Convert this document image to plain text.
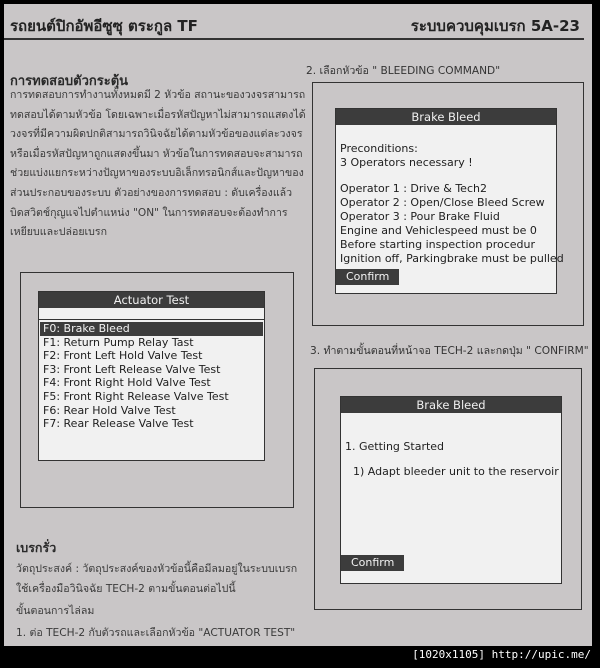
รถยนต์ปิกอัพอีซูซุ ตระกูล TF	ระบบควบคุมเบรก 5A-23
การทดสอบตัวกระตุ้น
การทดสอบการทำงานทั้งหมดมี 2 หัวข้อ สถานะของวงจรสามารถ
ทดสอบได้ตามหัวข้อ โดยเฉพาะเมื่อรหัสปัญหาไม่สามารถแสดงได้
วงจรที่มีความผิดปกติสามารถวินิจฉัยได้ตามหัวข้อของแต่ละวงจร
หรือเมื่อรหัสปัญหาถูกแสดงขึ้นมา หัวข้อในการทดสอบจะสามารถ
ช่วยแบ่งแยกระหว่างปัญหาของระบบอิเล็กทรอนิกส์และปัญหาของ
ส่วนประกอบของระบบ ตัวอย่างของการทดสอบ : ดับเครื่องแล้ว
บิดสวิตช์กุญแจไปตำแหน่ง "ON" ในการทดสอบจะต้องทำการ
เหยียบและปล่อยเบรก
Actuator Test
F0: Brake Bleed
F1: Return Pump Relay Tast
F2: Front Left Hold Valve Test
F3: Front Left Release Valve Test
F4: Front Right Hold Valve Test
F5: Front Right Release Valve Test
F6: Rear Hold Valve Test
F7: Rear Release Valve Test
2. เลือกหัวข้อ " BLEEDING COMMAND"
Brake Bleed
Preconditions:
3 Operators necessary !
Operator 1 : Drive & Tech2
Operator 2 : Open/Close Bleed Screw
Operator 3 : Pour Brake Fluid
Engine and Vehiclespeed must be 0
Before starting inspection procedur
Ignition off, Parkingbrake must be pulled
Confirm
3. ทำตามขั้นตอนที่หน้าจอ TECH-2 และกดปุ่ม " CONFIRM"
Brake Bleed
1. Getting Started
1) Adapt bleeder unit to the reservoir
Confirm
เบรกรั่ว
วัตถุประสงค์ : วัตถุประสงค์ของหัวข้อนี้คือมีลมอยู่ในระบบเบรก
ใช้เครื่องมือวินิจฉัย TECH-2 ตามขั้นตอนต่อไปนี้
ขั้นตอนการไล่ลม
1. ต่อ TECH-2 กับตัวรถและเลือกหัวข้อ "ACTUATOR TEST"
[1020x1105] http://upic.me/
